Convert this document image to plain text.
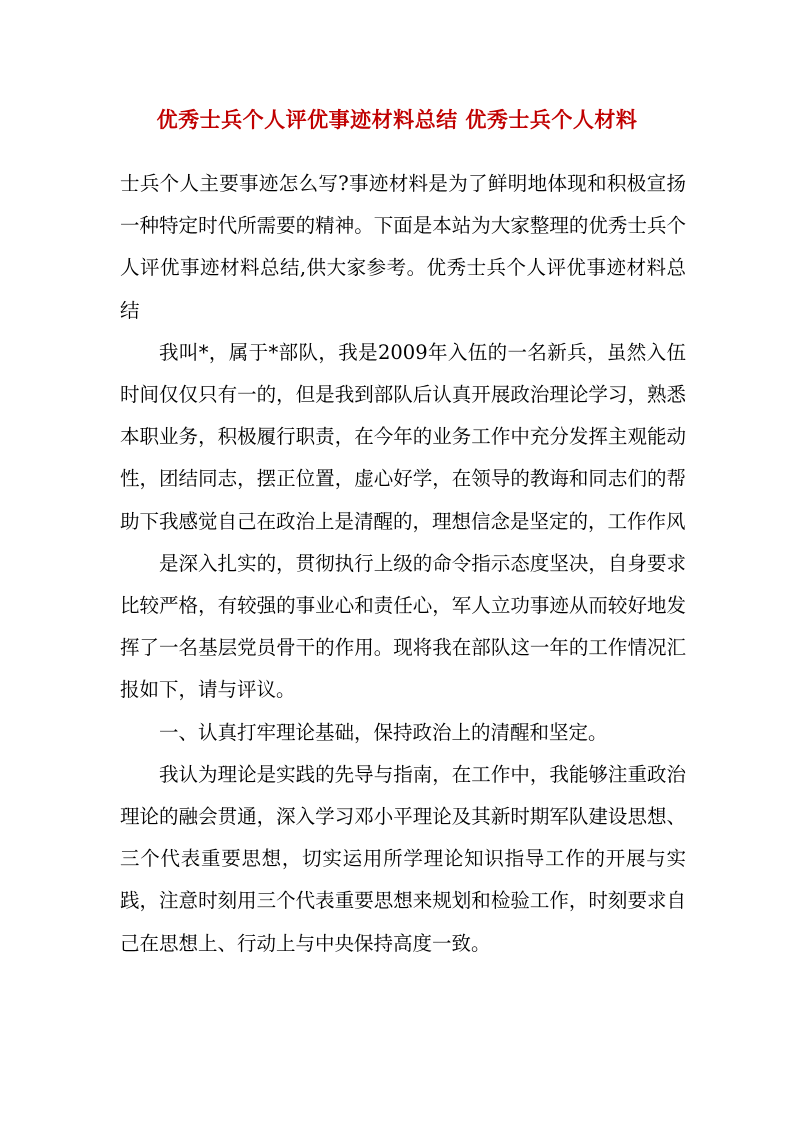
优秀士兵个人评优事迹材料总结 优秀士兵个人材料

士兵个人主要事迹怎么写?事迹材料是为了鲜明地体现和积极宣扬一种特定时代所需要的精神。下面是本站为大家整理的优秀士兵个人评优事迹材料总结,供大家参考。优秀士兵个人评优事迹材料总结

我叫*，属于*部队，我是2009年入伍的一名新兵，虽然入伍时间仅仅只有一的，但是我到部队后认真开展政治理论学习，熟悉本职业务，积极履行职责，在今年的业务工作中充分发挥主观能动性，团结同志，摆正位置，虚心好学，在领导的教诲和同志们的帮助下我感觉自己在政治上是清醒的，理想信念是坚定的，工作作风

是深入扎实的，贯彻执行上级的命令指示态度坚决，自身要求比较严格，有较强的事业心和责任心，军人立功事迹从而较好地发挥了一名基层党员骨干的作用。现将我在部队这一年的工作情况汇报如下，请与评议。

一、认真打牢理论基础，保持政治上的清醒和坚定。

我认为理论是实践的先导与指南，在工作中，我能够注重政治理论的融会贯通，深入学习邓小平理论及其新时期军队建设思想、三个代表重要思想，切实运用所学理论知识指导工作的开展与实践，注意时刻用三个代表重要思想来规划和检验工作，时刻要求自己在思想上、行动上与中央保持高度一致。
